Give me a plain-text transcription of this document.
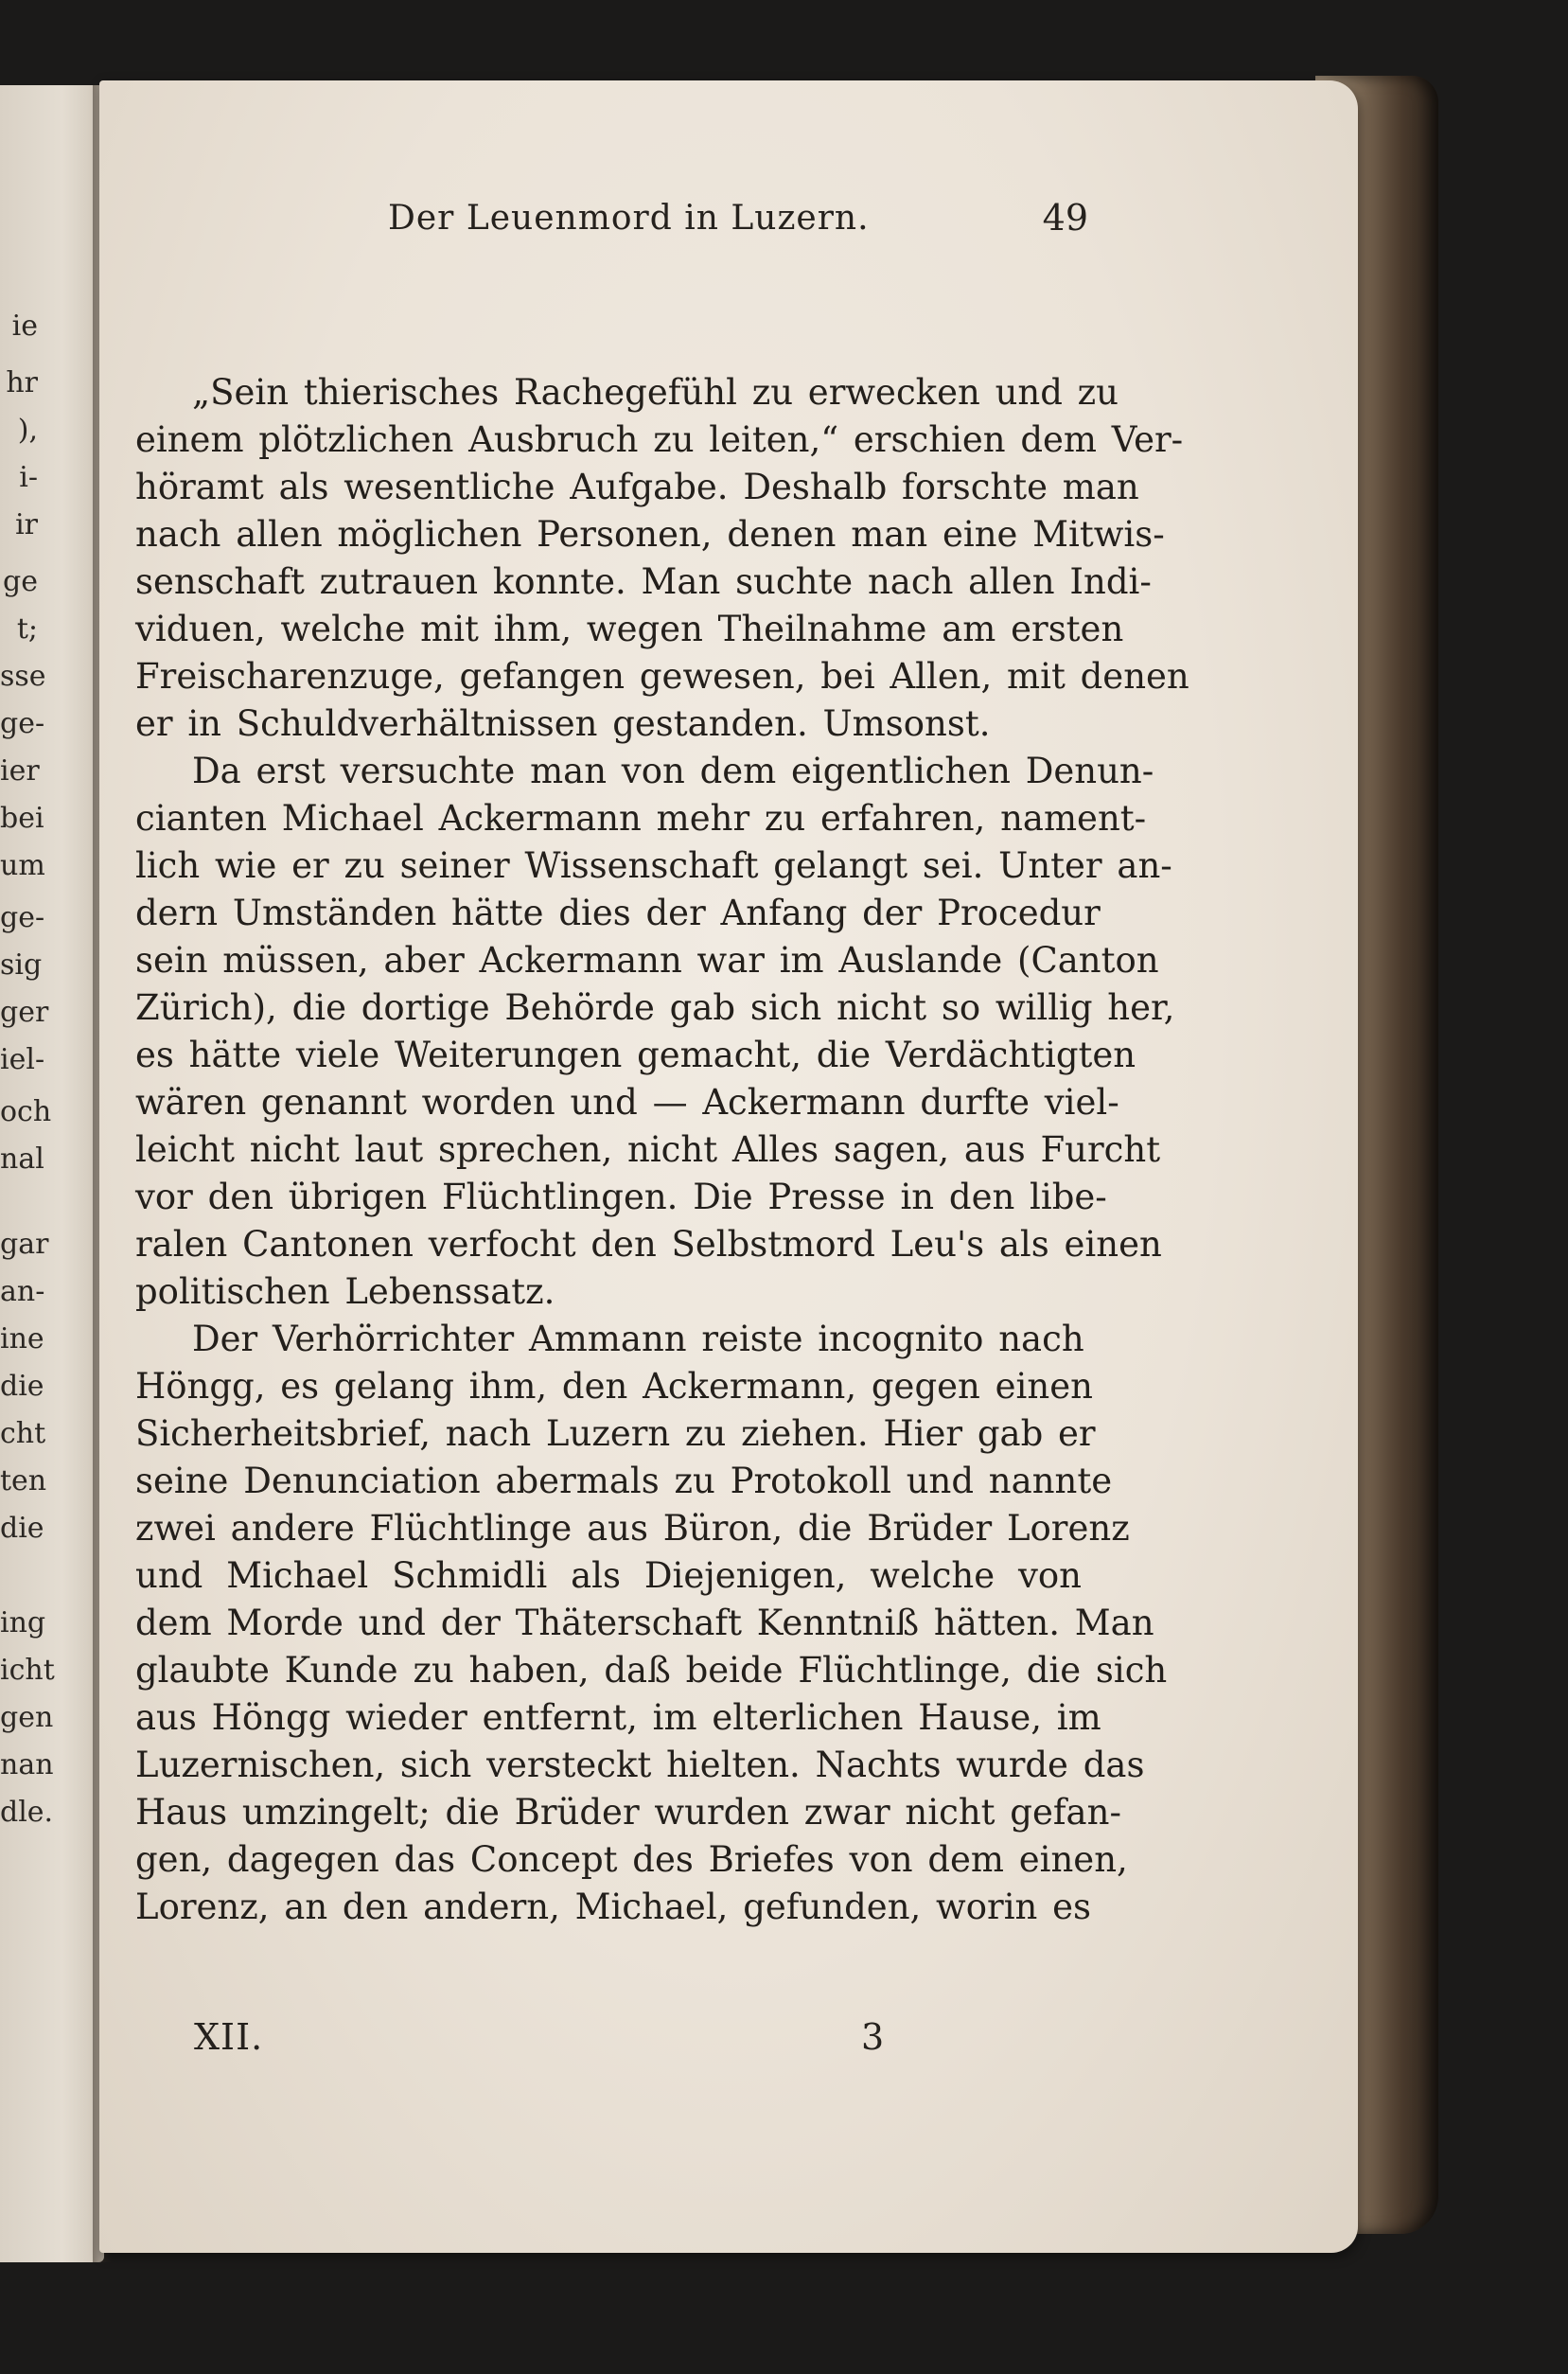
ie
hr
),
i-
ir
ge
t;
sse
ge-
ier
bei
um
ge-
sig
ger
iel-
och
nal
gar
an-
ine
die
cht
ten
die
ing
icht
gen
nan
dle.
Der Leuenmord in Luzern.	49
„Sein thierisches Rachegefühl zu erwecken und zu
einem plötzlichen Ausbruch zu leiten,“ erschien dem Ver-
höramt als wesentliche Aufgabe. Deshalb forschte man
nach allen möglichen Personen, denen man eine Mitwis-
senschaft zutrauen konnte. Man suchte nach allen Indi-
viduen, welche mit ihm, wegen Theilnahme am ersten
Freischarenzuge, gefangen gewesen, bei Allen, mit denen
er in Schuldverhältnissen gestanden. Umsonst.
Da erst versuchte man von dem eigentlichen Denun-
cianten Michael Ackermann mehr zu erfahren, nament-
lich wie er zu seiner Wissenschaft gelangt sei. Unter an-
dern Umständen hätte dies der Anfang der Procedur
sein müssen, aber Ackermann war im Auslande (Canton
Zürich), die dortige Behörde gab sich nicht so willig her,
es hätte viele Weiterungen gemacht, die Verdächtigten
wären genannt worden und — Ackermann durfte viel-
leicht nicht laut sprechen, nicht Alles sagen, aus Furcht
vor den übrigen Flüchtlingen. Die Presse in den libe-
ralen Cantonen verfocht den Selbstmord Leu's als einen
politischen Lebenssatz.
Der Verhörrichter Ammann reiste incognito nach
Höngg, es gelang ihm, den Ackermann, gegen einen
Sicherheitsbrief, nach Luzern zu ziehen. Hier gab er
seine Denunciation abermals zu Protokoll und nannte
zwei andere Flüchtlinge aus Büron, die Brüder Lorenz
und Michael Schmidli als Diejenigen, welche von
dem Morde und der Thäterschaft Kenntniß hätten. Man
glaubte Kunde zu haben, daß beide Flüchtlinge, die sich
aus Höngg wieder entfernt, im elterlichen Hause, im
Luzernischen, sich versteckt hielten. Nachts wurde das
Haus umzingelt; die Brüder wurden zwar nicht gefan-
gen, dagegen das Concept des Briefes von dem einen,
Lorenz, an den andern, Michael, gefunden, worin es
XII.	3
